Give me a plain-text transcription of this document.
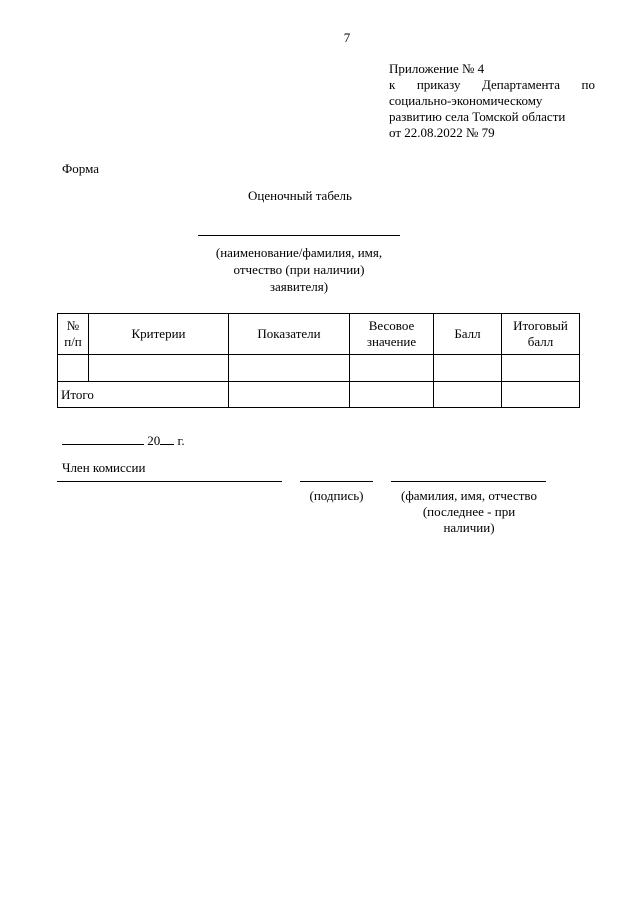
7
Приложение № 4
к приказу Департамента по
социально-экономическому
развитию села Томской области
от 22.08.2022 № 79
Форма
Оценочный табель
(наименование/фамилия, имя,
отчество (при наличии)
заявителя)
№ п/п	Критерии	Показатели	Весовое значение	Балл	Итоговый балл

Итого					
20 г.
Член комиссии
(подпись)	(фамилия, имя, отчество
(последнее - при
наличии)
